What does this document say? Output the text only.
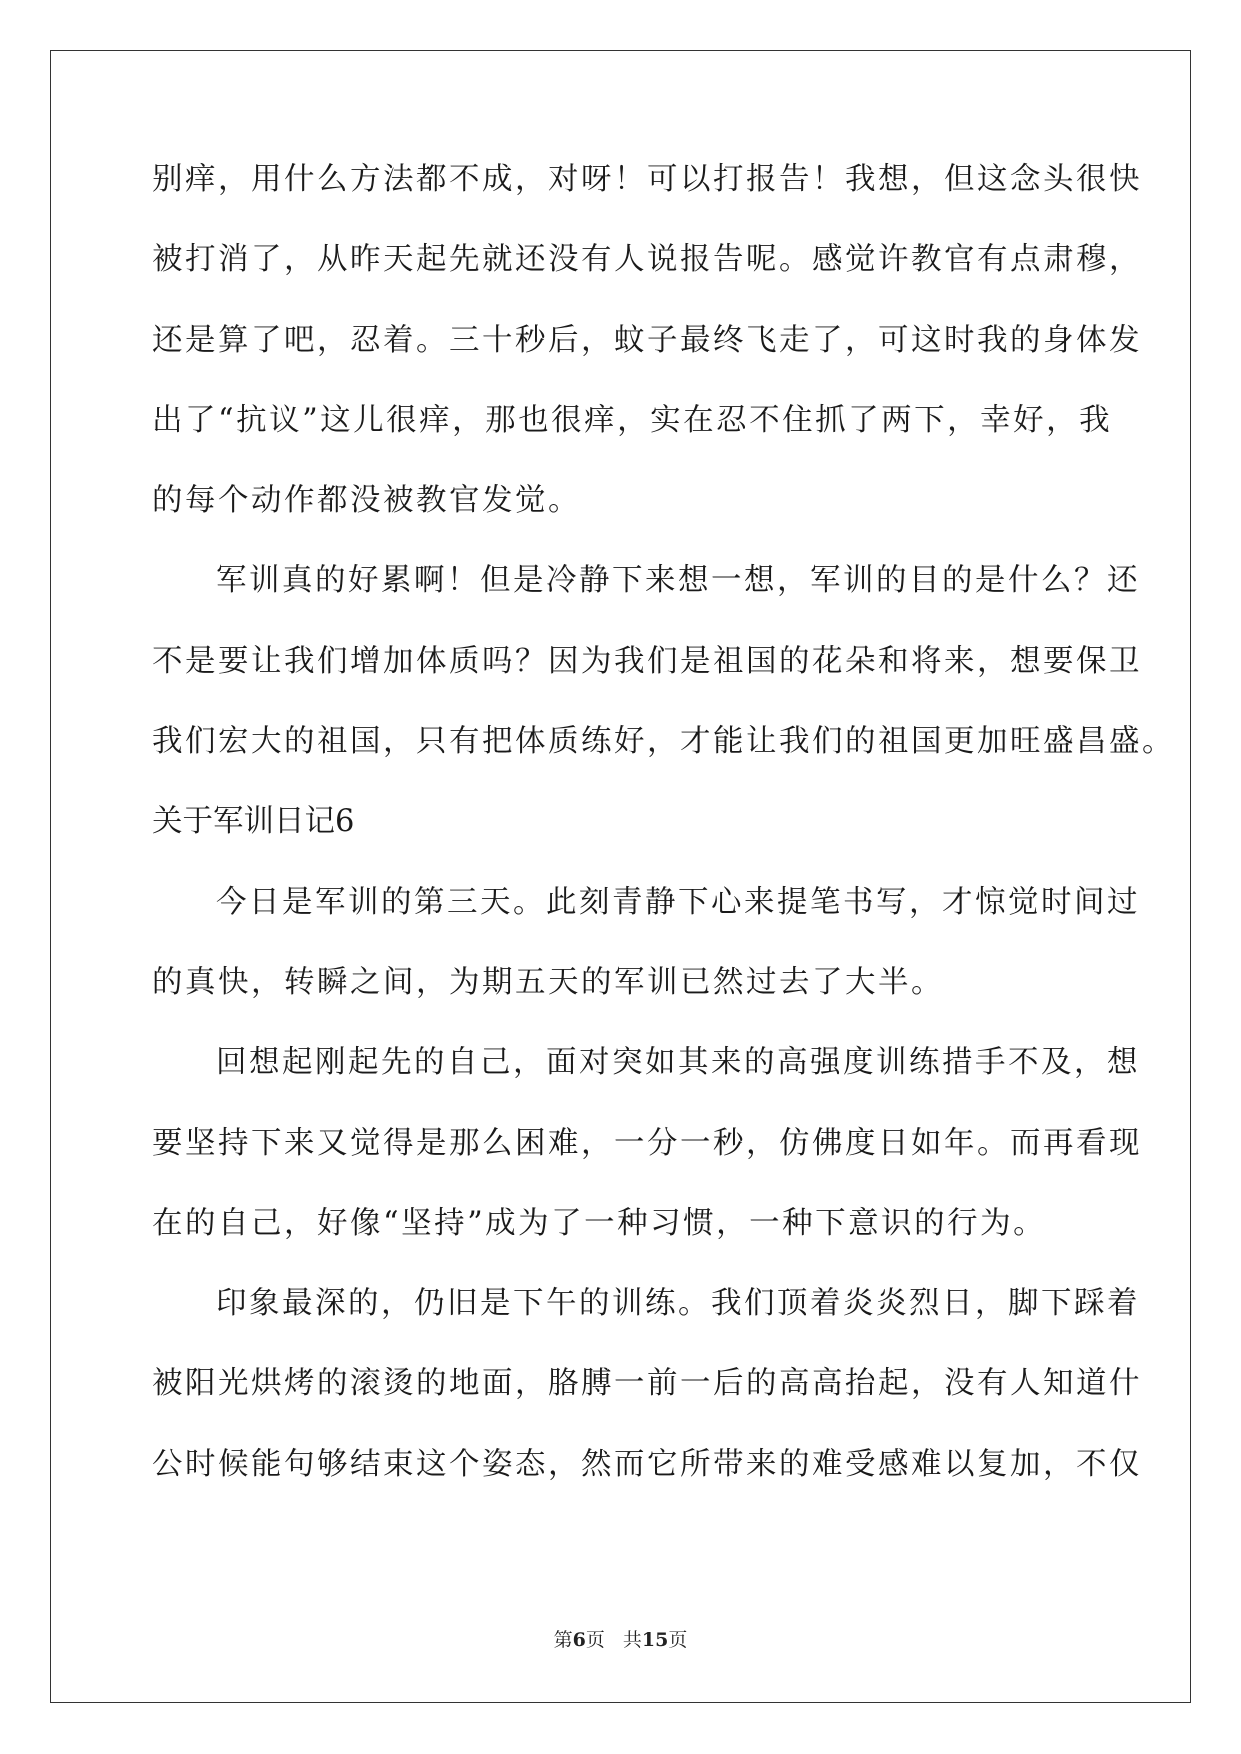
别痒，用什么方法都不成，对呀！可以打报告！我想，但这念头很快
被打消了，从昨天起先就还没有人说报告呢。感觉许教官有点肃穆，
还是算了吧，忍着。三十秒后，蚊子最终飞走了，可这时我的身体发
出了“抗议”这儿很痒，那也很痒，实在忍不住抓了两下，幸好，我
的每个动作都没被教官发觉。
军训真的好累啊！但是冷静下来想一想，军训的目的是什么？还
不是要让我们增加体质吗？因为我们是祖国的花朵和将来，想要保卫
我们宏大的祖国，只有把体质练好，才能让我们的祖国更加旺盛昌盛。
关于军训日记6
今日是军训的第三天。此刻青静下心来提笔书写，才惊觉时间过
的真快，转瞬之间，为期五天的军训已然过去了大半。
回想起刚起先的自己，面对突如其来的高强度训练措手不及，想
要坚持下来又觉得是那么困难，一分一秒，仿佛度日如年。而再看现
在的自己，好像“坚持”成为了一种习惯，一种下意识的行为。
印象最深的，仍旧是下午的训练。我们顶着炎炎烈日，脚下踩着
被阳光烘烤的滚烫的地面，胳膊一前一后的高高抬起，没有人知道什
公时候能句够结束这个姿态，然而它所带来的难受感难以复加，不仅
第6页 共15页
